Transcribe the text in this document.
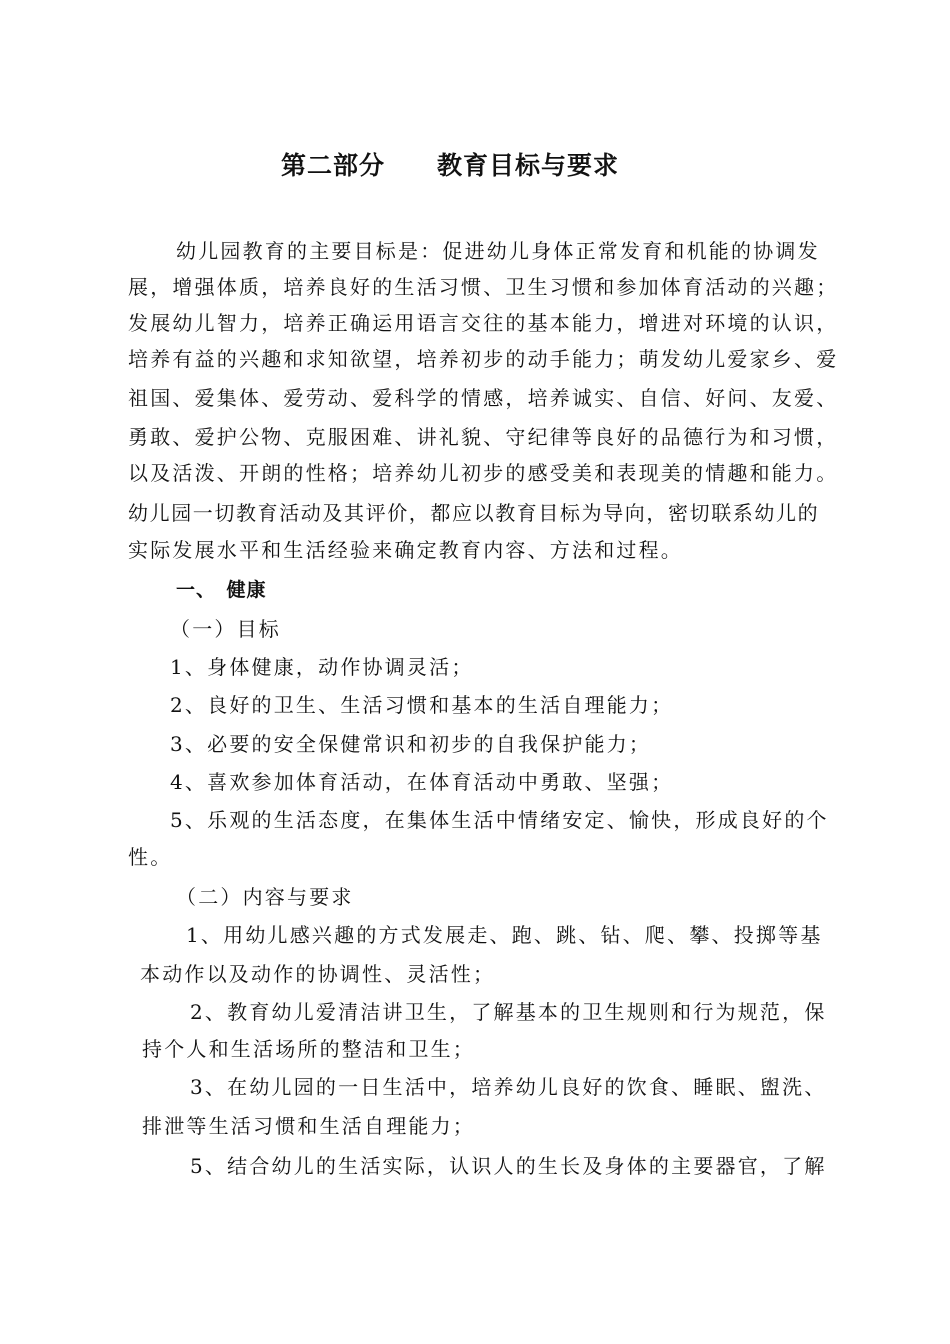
第二部分　　教育目标与要求
幼儿园教育的主要目标是：促进幼儿身体正常发育和机能的协调发
展，增强体质，培养良好的生活习惯、卫生习惯和参加体育活动的兴趣；
发展幼儿智力，培养正确运用语言交往的基本能力，增进对环境的认识，
培养有益的兴趣和求知欲望，培养初步的动手能力；萌发幼儿爱家乡、爱
祖国、爱集体、爱劳动、爱科学的情感，培养诚实、自信、好问、友爱、
勇敢、爱护公物、克服困难、讲礼貌、守纪律等良好的品德行为和习惯，
以及活泼、开朗的性格；培养幼儿初步的感受美和表现美的情趣和能力。
幼儿园一切教育活动及其评价，都应以教育目标为导向，密切联系幼儿的
实际发展水平和生活经验来确定教育内容、方法和过程。
一、　健康
（一）目标
1、身体健康，动作协调灵活；
2、良好的卫生、生活习惯和基本的生活自理能力；
3、必要的安全保健常识和初步的自我保护能力；
4、喜欢参加体育活动，在体育活动中勇敢、坚强；
5、乐观的生活态度，在集体生活中情绪安定、愉快，形成良好的个
性。
（二）内容与要求
1、用幼儿感兴趣的方式发展走、跑、跳、钻、爬、攀、投掷等基
本动作以及动作的协调性、灵活性；
2、教育幼儿爱清洁讲卫生，了解基本的卫生规则和行为规范，保
持个人和生活场所的整洁和卫生；
3、在幼儿园的一日生活中，培养幼儿良好的饮食、睡眠、盥洗、
排泄等生活习惯和生活自理能力；
5、结合幼儿的生活实际，认识人的生长及身体的主要器官，了解
